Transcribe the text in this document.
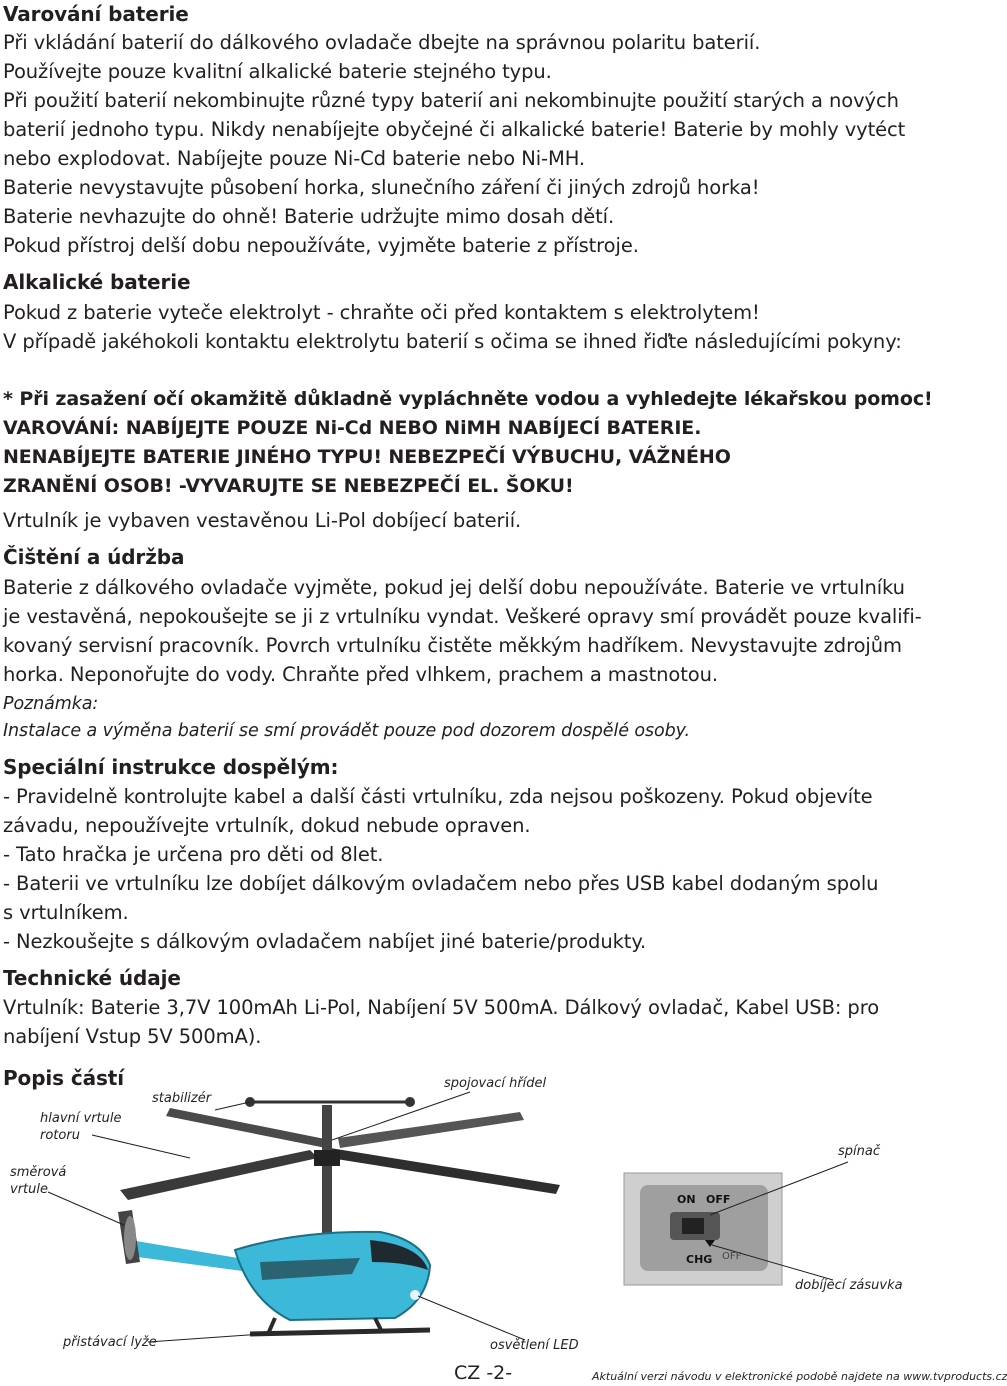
Varování baterie
Při vkládání baterií do dálkového ovladače dbejte na správnou polaritu baterií.
Používejte pouze kvalitní alkalické baterie stejného typu.
Při použití baterií nekombinujte různé typy baterií ani nekombinujte použití starých a nových
baterií jednoho typu. Nikdy nenabíjejte obyčejné či alkalické baterie! Baterie by mohly vytéct
nebo explodovat. Nabíjejte pouze Ni-Cd baterie nebo Ni-MH.
Baterie nevystavujte působení horka, slunečního záření či jiných zdrojů horka!
Baterie nevhazujte do ohně! Baterie udržujte mimo dosah dětí.
Pokud přístroj delší dobu nepoužíváte, vyjměte baterie z přístroje.
Alkalické baterie
Pokud z baterie vyteče elektrolyt - chraňte oči před kontaktem s elektrolytem!
V případě jakéhokoli kontaktu elektrolytu baterií s očima se ihned řiďte následujícími pokyny:
* Při zasažení očí okamžitě důkladně vypláchněte vodou a vyhledejte lékařskou pomoc!
VAROVÁNÍ: NABÍJEJTE POUZE Ni-Cd NEBO NiMH NABÍJECÍ BATERIE.
NENABÍJEJTE BATERIE JINÉHO TYPU! NEBEZPEČÍ VÝBUCHU, VÁŽNÉHO
ZRANĚNÍ OSOB! -VYVARUJTE SE NEBEZPEČÍ EL. ŠOKU!
Vrtulník je vybaven vestavěnou Li-Pol dobíjecí baterií.
Čištění a údržba
Baterie z dálkového ovladače vyjměte, pokud jej delší dobu nepoužíváte. Baterie ve vrtulníku
je vestavěná, nepokoušejte se ji z vrtulníku vyndat. Veškeré opravy smí provádět pouze kvalifi-
kovaný servisní pracovník. Povrch vrtulníku čistěte měkkým hadříkem. Nevystavujte zdrojům
horka. Neponořujte do vody. Chraňte před vlhkem, prachem a mastnotou.
Poznámka:
Instalace a výměna baterií se smí provádět pouze pod dozorem dospělé osoby.
Speciální instrukce dospělým:
- Pravidelně kontrolujte kabel a další části vrtulníku, zda nejsou poškozeny. Pokud objevíte
závadu, nepoužívejte vrtulník, dokud nebude opraven.
- Tato hračka je určena pro děti od 8let.
- Baterii ve vrtulníku lze dobíjet dálkovým ovladačem nebo přes USB kabel dodaným spolu
s vrtulníkem.
- Nezkoušejte s dálkovým ovladačem nabíjet jiné baterie/produkty.
Technické údaje
Vrtulník: Baterie 3,7V 100mAh Li-Pol, Nabíjení 5V 500mA. Dálkový ovladač, Kabel USB: pro
nabíjení Vstup 5V 500mA).
Popis částí
ON OFF
CHG OFF
stabilizér
hlavní vrtule
rotoru
směrová
vrtule
spojovací hřídel
spínač
dobíjecí zásuvka
přistávací lyže	osvětlení LED
CZ -2-	Aktuální verzi návodu v elektronické podobě najdete na www.tvproducts.cz
